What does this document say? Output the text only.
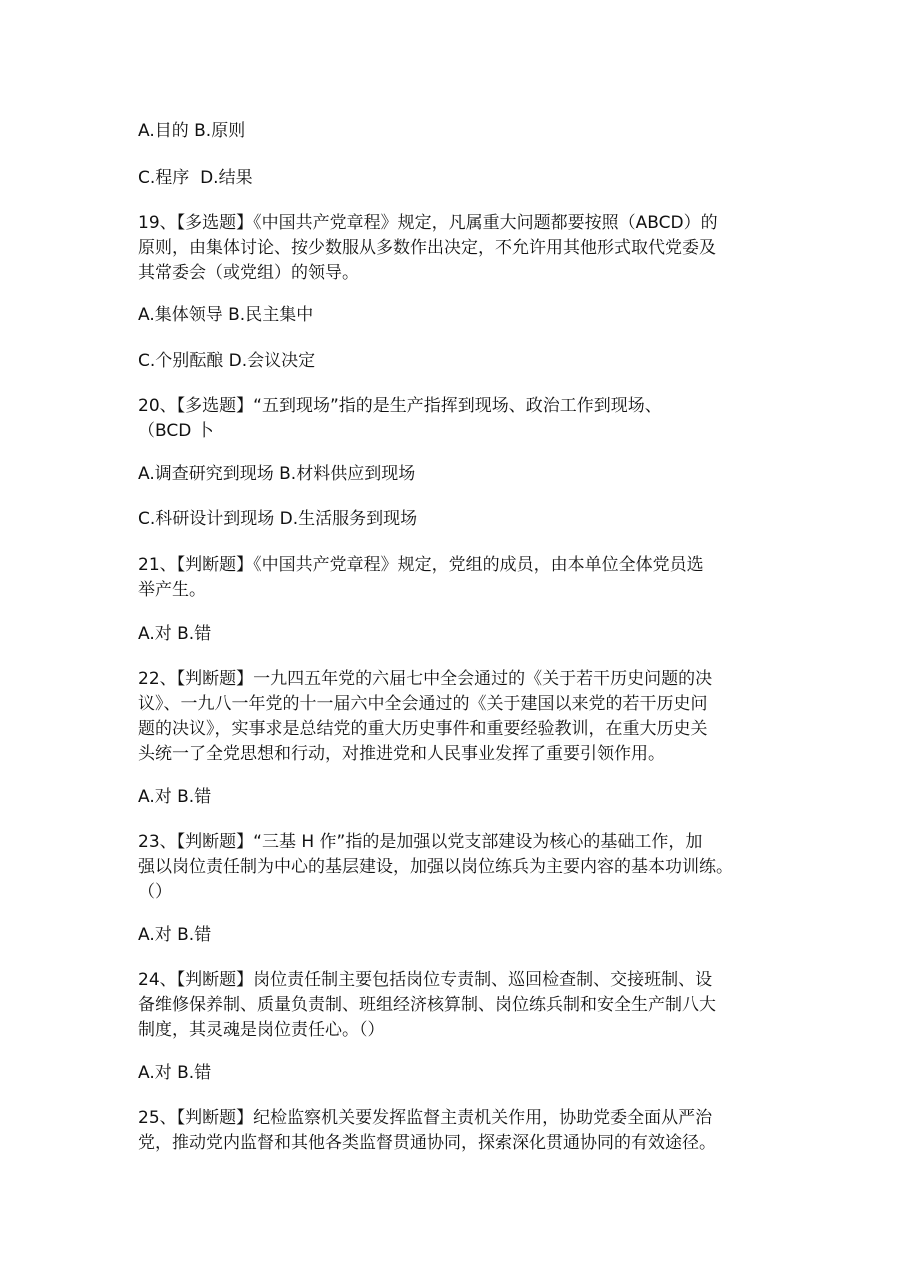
A.目的 B.原则
C.程序  D.结果
19、【多选题】《中国共产党章程》规定，凡属重大问题都要按照（ABCD）的
原则，由集体讨论、按少数服从多数作出决定，不允许用其他形式取代党委及
其常委会（或党组）的领导。
A.集体领导 B.民主集中
C.个别酝酿 D.会议决定
20、【多选题】“五到现场”指的是生产指挥到现场、政治工作到现场、
（BCD 卜
A.调查研究到现场 B.材料供应到现场
C.科研设计到现场 D.生活服务到现场
21、【判断题】《中国共产党章程》规定，党组的成员，由本单位全体党员选
举产生。
A.对 B.错
22、【判断题】一九四五年党的六届七中全会通过的《关于若干历史问题的决
议》、一九八一年党的十一届六中全会通过的《关于建国以来党的若干历史问
题的决议》，实事求是总结党的重大历史事件和重要经验教训，在重大历史关
头统一了全党思想和行动，对推进党和人民事业发挥了重要引领作用。
A.对 B.错
23、【判断题】“三基 H 作”指的是加强以党支部建设为核心的基础工作，加
强以岗位责任制为中心的基层建设，加强以岗位练兵为主要内容的基本功训练。
（）
A.对 B.错
24、【判断题】岗位责任制主要包括岗位专责制、巡回检查制、交接班制、设
备维修保养制、质量负责制、班组经济核算制、岗位练兵制和安全生产制八大
制度，其灵魂是岗位责任心。（）
A.对 B.错
25、【判断题】纪检监察机关要发挥监督主责机关作用，协助党委全面从严治
党，推动党内监督和其他各类监督贯通协同，探索深化贯通协同的有效途径。
